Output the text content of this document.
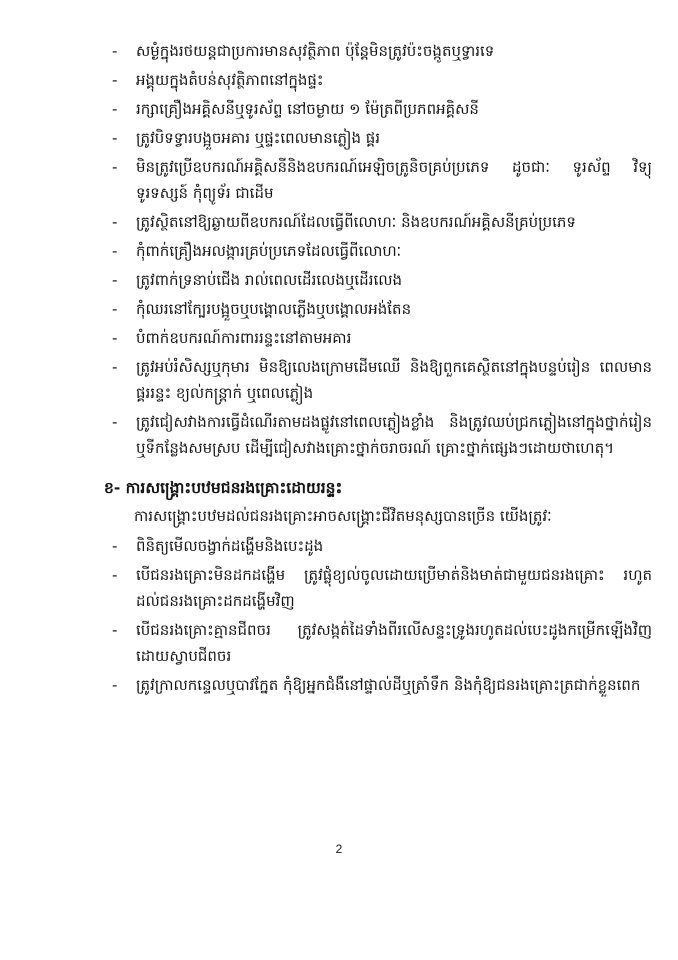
-	សម្ងំក្នុងរថយន្តជាប្រការមានសុវត្ថិភាព ប៉ុន្តែមិនត្រូវប៉ះចង្កូតឬទ្វារទេ
-	អង្គុយក្នុងតំបន់សុវត្ថិភាពនៅក្នុងផ្ទះ
-	រក្សាគ្រឿងអគ្គិសនីឬទូរស័ព្ទ នៅចម្ងាយ ១ ម៉ែត្រពីប្រភពអគ្គិសនី
-	ត្រូវបិទទ្វារបង្អួចអគារ ឬផ្ទះពេលមានភ្លៀង ផ្គរ
-	មិនត្រូវប្រើឧបករណ៍អគ្គិសនីនិងឧបករណ៍អេឡិចត្រូនិចគ្រប់ប្រភេទ ដូចជាៈ ទូរស័ព្ទ វិទ្យុ ទូរទស្សន៍ កុំព្យូទ័រ ជាដើម
-	ត្រូវស្ថិតនៅឱ្យឆ្ងាយពីឧបករណ៍ដែលធ្វើពីលោហៈ និងឧបករណ៍អគ្គិសនីគ្រប់ប្រភេទ
-	កុំពាក់គ្រឿងអលង្ការគ្រប់ប្រភេទដែលធ្វើពីលោហៈ
-	ត្រូវពាក់ទ្រនាប់ជើង រាល់ពេលដើរលេងឬដើរលេង
-	កុំឈរនៅក្បែរបង្អួចឬបង្គោលភ្លើងឬបង្គោលអង់តែន
-	បំពាក់ឧបករណ៍ការពាររន្ទះនៅតាមអគារ
-	ត្រូវអប់រំសិស្សឬកុមារ មិនឱ្យលេងក្រោមដើមឈើ និងឱ្យពួកគេស្ថិតនៅក្នុងបន្ទប់រៀន ពេលមានផ្គររន្ទះ ខ្យល់កន្ត្រាក់ ឬពេលភ្លៀង
-	ត្រូវជៀសវាងការធ្វើដំណើរតាមដងផ្លូវនៅពេលភ្លៀងខ្លាំង និងត្រូវឈប់ជ្រកភ្លៀងនៅក្នុងថ្នាក់រៀន ឬទីកន្លែងសមស្រប ដើម្បីជៀសវាងគ្រោះថ្នាក់ចរាចរណ៍ គ្រោះថ្នាក់ផ្សេងៗដោយថាហេតុ។
ខ- ការសង្គ្រោះបឋមជនរងគ្រោះដោយរន្ទះ
ការសង្គ្រោះបឋមដល់ជនរងគ្រោះអាចសង្គ្រោះជីវិតមនុស្សបានច្រើន យើងត្រូវៈ
-	ពិនិត្យមើលចង្វាក់ដង្ហើមនិងបេះដូង
-	បើជនរងគ្រោះមិនដកដង្ហើម ត្រូវផ្លុំខ្យល់ចូលដោយប្រើមាត់និងមាត់ជាមួយជនរងគ្រោះ រហូតដល់ជនរងគ្រោះដកដង្ហើមវិញ
-	បើជនរងគ្រោះគ្មានជីពចរ ត្រូវសង្កត់ដៃទាំងពីរលើសន្ទះទ្រូងរហូតដល់បេះដូងកម្រើកឡើងវិញ ដោយស្វាបជីពចរ
-	ត្រូវក្រាលកន្ទេលឬបាវក្នែត កុំឱ្យអ្នកជំងឺនៅផ្ទាល់ដីឬត្រាំទឹក និងកុំឱ្យជនរងគ្រោះត្រជាក់ខ្លួនពេក
2
